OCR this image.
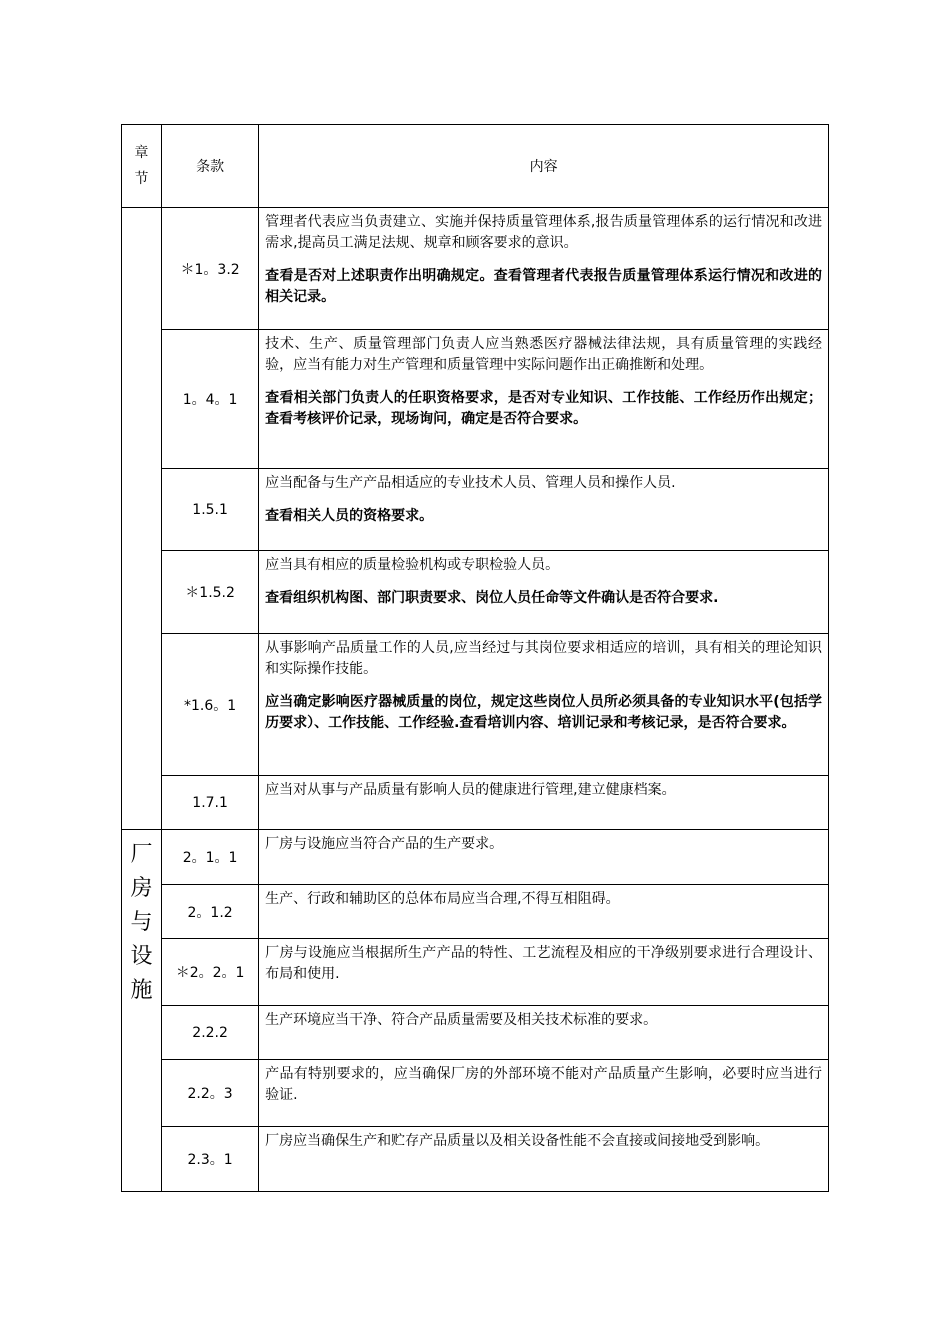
章
节	条款	内容
	＊1。3.2	管理者代表应当负责建立、实施并保持质量管理体系,报告质量管理体系的运行情况和改进需求,提高员工满足法规、规章和顾客要求的意识。

查看是否对上述职责作出明确规定。查看管理者代表报告质量管理体系运行情况和改进的相关记录。

	1。4。1	技术、生产、质量管理部门负责人应当熟悉医疗器械法律法规，具有质量管理的实践经验，应当有能力对生产管理和质量管理中实际问题作出正确推断和处理。

查看相关部门负责人的任职资格要求，是否对专业知识、工作技能、工作经历作出规定；查看考核评价记录，现场询问，确定是否符合要求。

	1.5.1	应当配备与生产产品相适应的专业技术人员、管理人员和操作人员.

查看相关人员的资格要求。

	＊1.5.2	应当具有相应的质量检验机构或专职检验人员。

查看组织机构图、部门职责要求、岗位人员任命等文件确认是否符合要求.

	*1.6。1	从事影响产品质量工作的人员,应当经过与其岗位要求相适应的培训，具有相关的理论知识和实际操作技能。

应当确定影响医疗器械质量的岗位，规定这些岗位人员所必须具备的专业知识水平(包括学历要求）、工作技能、工作经验.查看培训内容、培训记录和考核记录，是否符合要求。

	1.7.1	应当对从事与产品质量有影响人员的健康进行管理,建立健康档案。

厂
房
与
设
施	2。1。1	厂房与设施应当符合产品的生产要求。

	2。1.2	生产、行政和辅助区的总体布局应当合理,不得互相阻碍。

	＊2。2。1	厂房与设施应当根据所生产产品的特性、工艺流程及相应的干净级别要求进行合理设计、布局和使用.

	2.2.2	生产环境应当干净、符合产品质量需要及相关技术标准的要求。

	2.2。3	产品有特别要求的，应当确保厂房的外部环境不能对产品质量产生影响，必要时应当进行验证.

	2.3。1	厂房应当确保生产和贮存产品质量以及相关设备性能不会直接或间接地受到影响。
